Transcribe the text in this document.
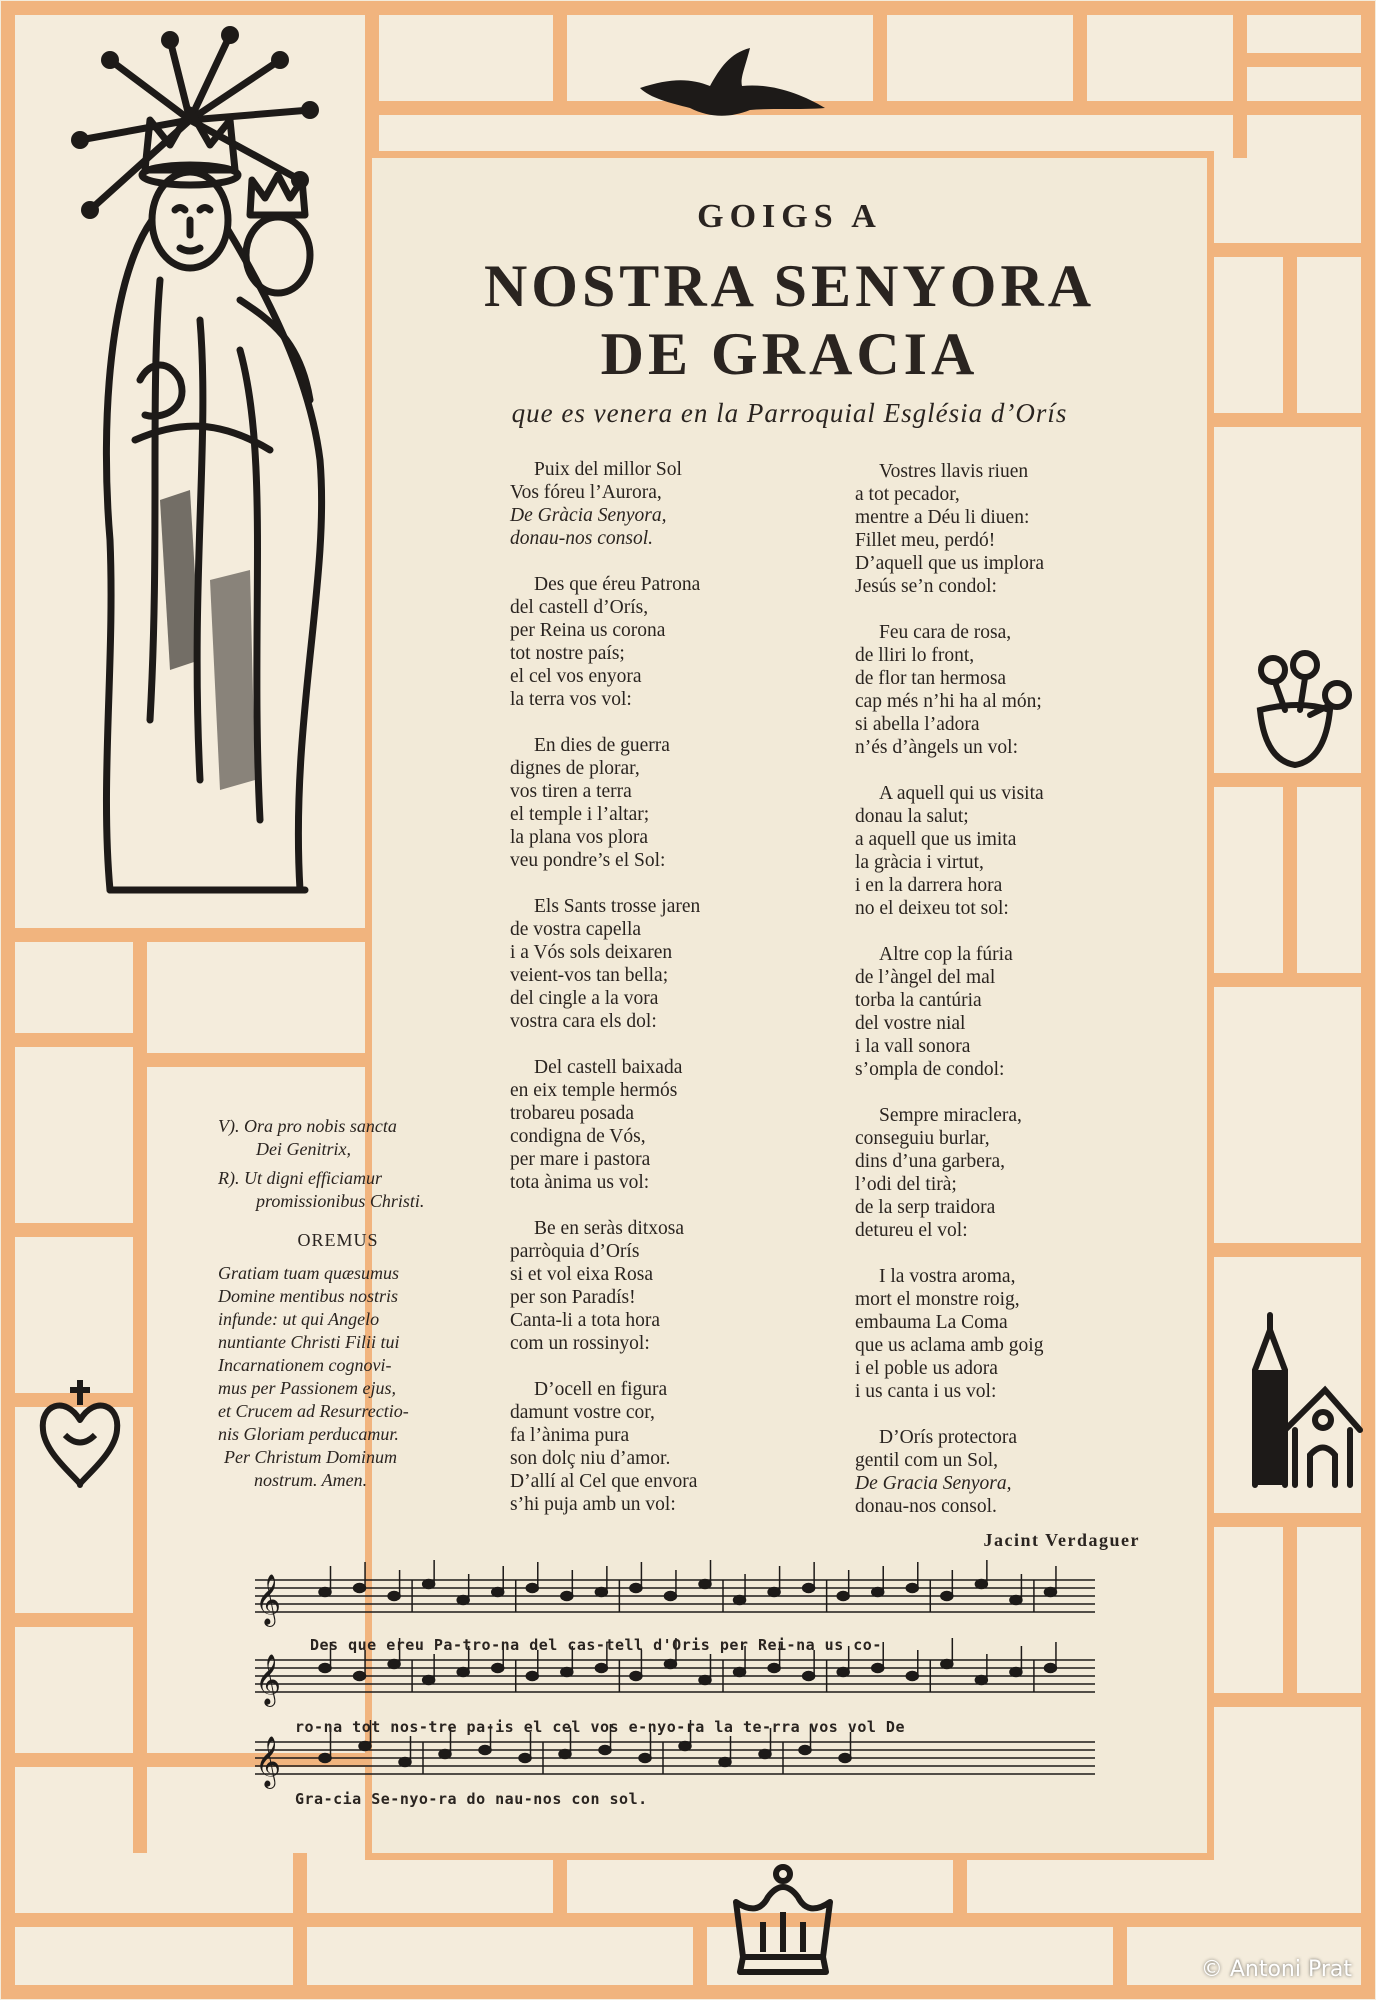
GOIGS A
NOSTRA SENYORA
DE GRACIA
que es venera en la Parroquial Església d’Orís
Puix del millor Sol
Vos fóreu l’Aurora,
De Gràcia Senyora,
donau-nos consol.
Des que éreu Patrona
del castell d’Orís,
per Reina us corona
tot nostre país;
el cel vos enyora
la terra vos vol:
En dies de guerra
dignes de plorar,
vos tiren a terra
el temple i l’altar;
la plana vos plora
veu pondre’s el Sol:
Els Sants trosse jaren
de vostra capella
i a Vós sols deixaren
veient-vos tan bella;
del cingle a la vora
vostra cara els dol:
Del castell baixada
en eix temple hermós
trobareu posada
condigna de Vós,
per mare i pastora
tota ànima us vol:
Be en seràs ditxosa
parròquia d’Orís
si et vol eixa Rosa
per son Paradís!
Canta-li a tota hora
com un rossinyol:
D’ocell en figura
damunt vostre cor,
fa l’ànima pura
son dolç niu d’amor.
D’allí al Cel que envora
s’hi puja amb un vol:
Vostres llavis riuen
a tot pecador,
mentre a Déu li diuen:
Fillet meu, perdó!
D’aquell que us implora
Jesús se’n condol:
Feu cara de rosa,
de lliri lo front,
de flor tan hermosa
cap més n’hi ha al món;
si abella l’adora
n’és d’àngels un vol:
A aquell qui us visita
donau la salut;
a aquell que us imita
la gràcia i virtut,
i en la darrera hora
no el deixeu tot sol:
Altre cop la fúria
de l’àngel del mal
torba la cantúria
del vostre nial
i la vall sonora
s’ompla de condol:
Sempre miraclera,
conseguiu burlar,
dins d’una garbera,
l’odi del tirà;
de la serp traidora
detureu el vol:
I la vostra aroma,
mort el monstre roig,
embauma La Coma
que us aclama amb goig
i el poble us adora
i us canta i us vol:
D’Orís protectora
gentil com un Sol,
De Gracia Senyora,
donau-nos consol.
V). Ora pro nobis sancta
Dei Genitrix,
R). Ut digni efficiamur
promissionibus Christi.
OREMUS
Gratiam tuam quæsumus
Domine mentibus nostris
infunde: ut qui Angelo
nuntiante Christi Filii tui
Incarnationem cognovi-
mus per Passionem ejus,
et Crucem ad Resurrectio-
nis Gloriam perducamur.
Per Christum Dominum
nostrum. Amen.
Jacint Verdaguer
𝄞
𝄞
𝄞
Des que ereu Pa-tro-na del cas-tell d'Oris per Rei-na us co-
ro-na tot nos-tre pa-is el cel vos e-nyo-ra la te-rra vos vol De
Gra-cia Se-nyo-ra do nau-nos con sol.
© Antoni Prat
